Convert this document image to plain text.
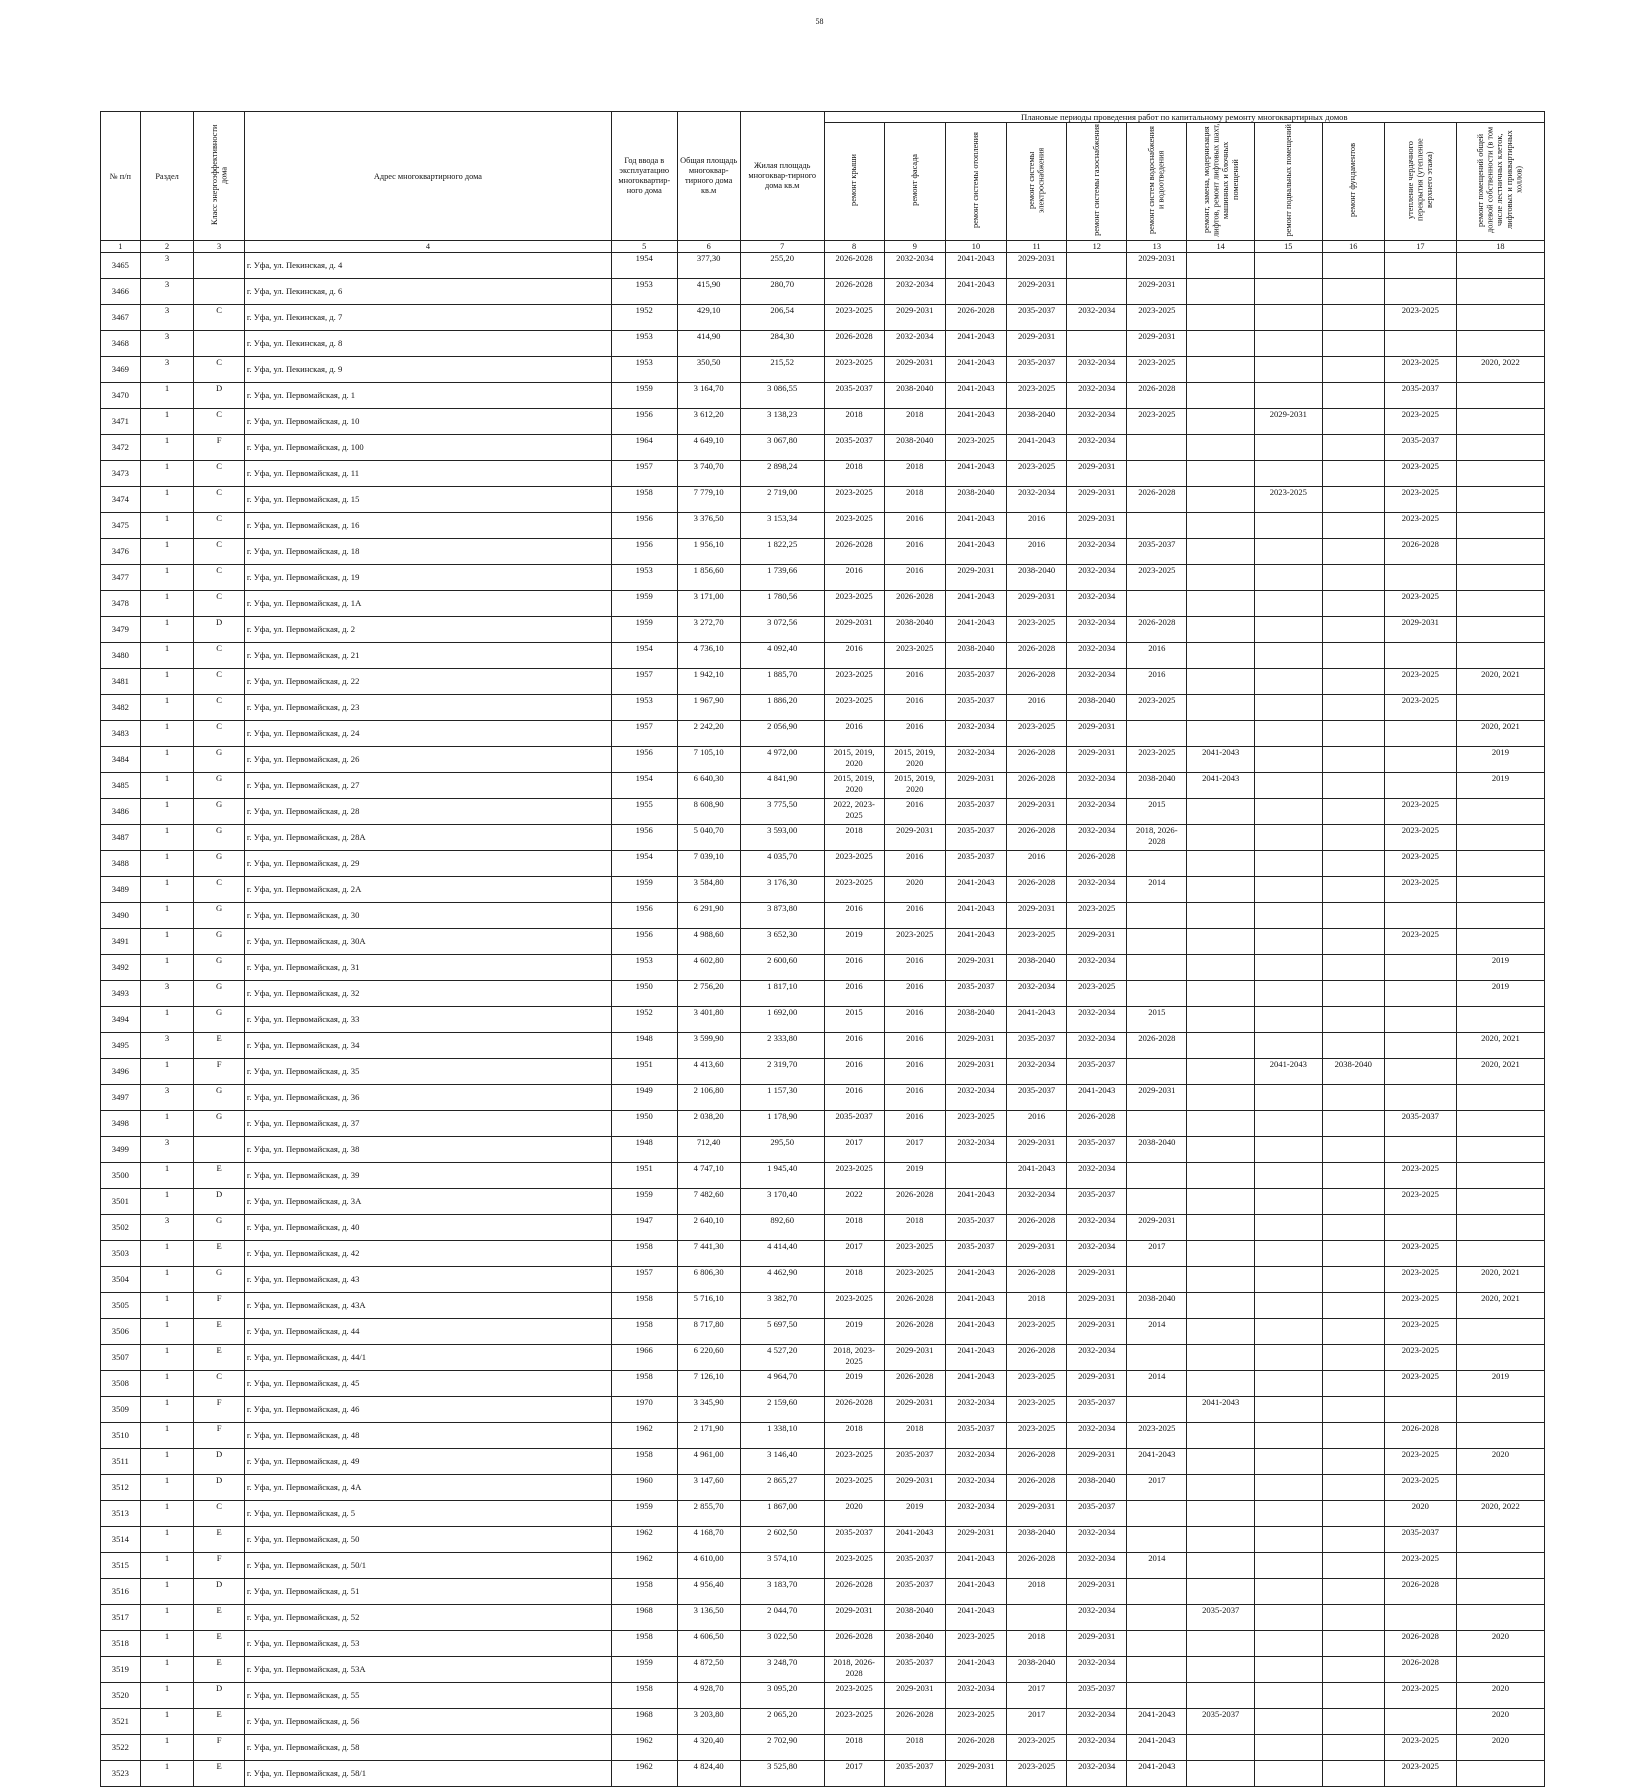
58
№ п/п	Раздел	Класс энергоэффективности дома	Адрес многоквартирного дома	Год ввода в эксплуатацию многоквартир-ного дома	Общая площадь многоквар-тирного дома кв.м	Жилая площадь многоквар-тирного дома кв.м	Плановые периоды проведения работ по капитальному ремонту многоквартирных домов										
							ремонт крыши	ремонт фасада	ремонт системы отопления	ремонт системы электроснабжения	ремонт системы газоснабжения	ремонт систем водоснабжения и водоотведения	ремонт, замена, модернизация лифтов, ремонт лифтовых шахт, машинных и блочных помещений	ремонт подвальных помещений	ремонт фундаментов	утепление чердачного перекрытия (утепление верхнего этажа)	ремонт помещений общей долевой собственности (в том числе лестничных клеток, лифтовых и приквартирных холлов)
1	2	3	4	5	6	7	8	9	10	11	12	13	14	15	16	17	18
3465	3		г. Уфа, ул. Пекинская, д. 4	1954	377,30	255,20	2026-2028	2032-2034	2041-2043	2029-2031		2029-2031					
3466	3		г. Уфа, ул. Пекинская, д. 6	1953	415,90	280,70	2026-2028	2032-2034	2041-2043	2029-2031		2029-2031					
3467	3	C	г. Уфа, ул. Пекинская, д. 7	1952	429,10	206,54	2023-2025	2029-2031	2026-2028	2035-2037	2032-2034	2023-2025				2023-2025	
3468	3		г. Уфа, ул. Пекинская, д. 8	1953	414,90	284,30	2026-2028	2032-2034	2041-2043	2029-2031		2029-2031					
3469	3	C	г. Уфа, ул. Пекинская, д. 9	1953	350,50	215,52	2023-2025	2029-2031	2041-2043	2035-2037	2032-2034	2023-2025				2023-2025	2020, 2022
3470	1	D	г. Уфа, ул. Первомайская, д. 1	1959	3 164,70	3 086,55	2035-2037	2038-2040	2041-2043	2023-2025	2032-2034	2026-2028				2035-2037	
3471	1	C	г. Уфа, ул. Первомайская, д. 10	1956	3 612,20	3 138,23	2018	2018	2041-2043	2038-2040	2032-2034	2023-2025		2029-2031		2023-2025	
3472	1	F	г. Уфа, ул. Первомайская, д. 100	1964	4 649,10	3 067,80	2035-2037	2038-2040	2023-2025	2041-2043	2032-2034					2035-2037	
3473	1	C	г. Уфа, ул. Первомайская, д. 11	1957	3 740,70	2 898,24	2018	2018	2041-2043	2023-2025	2029-2031					2023-2025	
3474	1	C	г. Уфа, ул. Первомайская, д. 15	1958	7 779,10	2 719,00	2023-2025	2018	2038-2040	2032-2034	2029-2031	2026-2028		2023-2025		2023-2025	
3475	1	C	г. Уфа, ул. Первомайская, д. 16	1956	3 376,50	3 153,34	2023-2025	2016	2041-2043	2016	2029-2031					2023-2025	
3476	1	C	г. Уфа, ул. Первомайская, д. 18	1956	1 956,10	1 822,25	2026-2028	2016	2041-2043	2016	2032-2034	2035-2037				2026-2028	
3477	1	C	г. Уфа, ул. Первомайская, д. 19	1953	1 856,60	1 739,66	2016	2016	2029-2031	2038-2040	2032-2034	2023-2025					
3478	1	C	г. Уфа, ул. Первомайская, д. 1А	1959	3 171,00	1 780,56	2023-2025	2026-2028	2041-2043	2029-2031	2032-2034					2023-2025	
3479	1	D	г. Уфа, ул. Первомайская, д. 2	1959	3 272,70	3 072,56	2029-2031	2038-2040	2041-2043	2023-2025	2032-2034	2026-2028				2029-2031	
3480	1	C	г. Уфа, ул. Первомайская, д. 21	1954	4 736,10	4 092,40	2016	2023-2025	2038-2040	2026-2028	2032-2034	2016					
3481	1	C	г. Уфа, ул. Первомайская, д. 22	1957	1 942,10	1 885,70	2023-2025	2016	2035-2037	2026-2028	2032-2034	2016				2023-2025	2020, 2021
3482	1	C	г. Уфа, ул. Первомайская, д. 23	1953	1 967,90	1 886,20	2023-2025	2016	2035-2037	2016	2038-2040	2023-2025				2023-2025	
3483	1	C	г. Уфа, ул. Первомайская, д. 24	1957	2 242,20	2 056,90	2016	2016	2032-2034	2023-2025	2029-2031						2020, 2021
3484	1	G	г. Уфа, ул. Первомайская, д. 26	1956	7 105,10	4 972,00	2015, 2019, 2020	2015, 2019, 2020	2032-2034	2026-2028	2029-2031	2023-2025	2041-2043				2019
3485	1	G	г. Уфа, ул. Первомайская, д. 27	1954	6 640,30	4 841,90	2015, 2019, 2020	2015, 2019, 2020	2029-2031	2026-2028	2032-2034	2038-2040	2041-2043				2019
3486	1	G	г. Уфа, ул. Первомайская, д. 28	1955	8 608,90	3 775,50	2022, 2023-2025	2016	2035-2037	2029-2031	2032-2034	2015				2023-2025	
3487	1	G	г. Уфа, ул. Первомайская, д. 28А	1956	5 040,70	3 593,00	2018	2029-2031	2035-2037	2026-2028	2032-2034	2018, 2026-2028				2023-2025	
3488	1	G	г. Уфа, ул. Первомайская, д. 29	1954	7 039,10	4 035,70	2023-2025	2016	2035-2037	2016	2026-2028					2023-2025	
3489	1	C	г. Уфа, ул. Первомайская, д. 2А	1959	3 584,80	3 176,30	2023-2025	2020	2041-2043	2026-2028	2032-2034	2014				2023-2025	
3490	1	G	г. Уфа, ул. Первомайская, д. 30	1956	6 291,90	3 873,80	2016	2016	2041-2043	2029-2031	2023-2025						
3491	1	G	г. Уфа, ул. Первомайская, д. 30А	1956	4 988,60	3 652,30	2019	2023-2025	2041-2043	2023-2025	2029-2031					2023-2025	
3492	1	G	г. Уфа, ул. Первомайская, д. 31	1953	4 602,80	2 600,60	2016	2016	2029-2031	2038-2040	2032-2034						2019
3493	3	G	г. Уфа, ул. Первомайская, д. 32	1950	2 756,20	1 817,10	2016	2016	2035-2037	2032-2034	2023-2025						2019
3494	1	G	г. Уфа, ул. Первомайская, д. 33	1952	3 401,80	1 692,00	2015	2016	2038-2040	2041-2043	2032-2034	2015					
3495	3	E	г. Уфа, ул. Первомайская, д. 34	1948	3 599,90	2 333,80	2016	2016	2029-2031	2035-2037	2032-2034	2026-2028					2020, 2021
3496	1	F	г. Уфа, ул. Первомайская, д. 35	1951	4 413,60	2 319,70	2016	2016	2029-2031	2032-2034	2035-2037			2041-2043	2038-2040		2020, 2021
3497	3	G	г. Уфа, ул. Первомайская, д. 36	1949	2 106,80	1 157,30	2016	2016	2032-2034	2035-2037	2041-2043	2029-2031					
3498	1	G	г. Уфа, ул. Первомайская, д. 37	1950	2 038,20	1 178,90	2035-2037	2016	2023-2025	2016	2026-2028					2035-2037	
3499	3		г. Уфа, ул. Первомайская, д. 38	1948	712,40	295,50	2017	2017	2032-2034	2029-2031	2035-2037	2038-2040					
3500	1	E	г. Уфа, ул. Первомайская, д. 39	1951	4 747,10	1 945,40	2023-2025	2019		2041-2043	2032-2034					2023-2025	
3501	1	D	г. Уфа, ул. Первомайская, д. 3А	1959	7 482,60	3 170,40	2022	2026-2028	2041-2043	2032-2034	2035-2037					2023-2025	
3502	3	G	г. Уфа, ул. Первомайская, д. 40	1947	2 640,10	892,60	2018	2018	2035-2037	2026-2028	2032-2034	2029-2031					
3503	1	E	г. Уфа, ул. Первомайская, д. 42	1958	7 441,30	4 414,40	2017	2023-2025	2035-2037	2029-2031	2032-2034	2017				2023-2025	
3504	1	G	г. Уфа, ул. Первомайская, д. 43	1957	6 806,30	4 462,90	2018	2023-2025	2041-2043	2026-2028	2029-2031					2023-2025	2020, 2021
3505	1	F	г. Уфа, ул. Первомайская, д. 43А	1958	5 716,10	3 382,70	2023-2025	2026-2028	2041-2043	2018	2029-2031	2038-2040				2023-2025	2020, 2021
3506	1	E	г. Уфа, ул. Первомайская, д. 44	1958	8 717,80	5 697,50	2019	2026-2028	2041-2043	2023-2025	2029-2031	2014				2023-2025	
3507	1	E	г. Уфа, ул. Первомайская, д. 44/1	1966	6 220,60	4 527,20	2018, 2023-2025	2029-2031	2041-2043	2026-2028	2032-2034					2023-2025	
3508	1	C	г. Уфа, ул. Первомайская, д. 45	1958	7 126,10	4 964,70	2019	2026-2028	2041-2043	2023-2025	2029-2031	2014				2023-2025	2019
3509	1	F	г. Уфа, ул. Первомайская, д. 46	1970	3 345,90	2 159,60	2026-2028	2029-2031	2032-2034	2023-2025	2035-2037		2041-2043				
3510	1	F	г. Уфа, ул. Первомайская, д. 48	1962	2 171,90	1 338,10	2018	2018	2035-2037	2023-2025	2032-2034	2023-2025				2026-2028	
3511	1	D	г. Уфа, ул. Первомайская, д. 49	1958	4 961,00	3 146,40	2023-2025	2035-2037	2032-2034	2026-2028	2029-2031	2041-2043				2023-2025	2020
3512	1	D	г. Уфа, ул. Первомайская, д. 4А	1960	3 147,60	2 865,27	2023-2025	2029-2031	2032-2034	2026-2028	2038-2040	2017				2023-2025	
3513	1	C	г. Уфа, ул. Первомайская, д. 5	1959	2 855,70	1 867,00	2020	2019	2032-2034	2029-2031	2035-2037					2020	2020, 2022
3514	1	E	г. Уфа, ул. Первомайская, д. 50	1962	4 168,70	2 602,50	2035-2037	2041-2043	2029-2031	2038-2040	2032-2034					2035-2037	
3515	1	F	г. Уфа, ул. Первомайская, д. 50/1	1962	4 610,00	3 574,10	2023-2025	2035-2037	2041-2043	2026-2028	2032-2034	2014				2023-2025	
3516	1	D	г. Уфа, ул. Первомайская, д. 51	1958	4 956,40	3 183,70	2026-2028	2035-2037	2041-2043	2018	2029-2031					2026-2028	
3517	1	E	г. Уфа, ул. Первомайская, д. 52	1968	3 136,50	2 044,70	2029-2031	2038-2040	2041-2043		2032-2034		2035-2037				
3518	1	E	г. Уфа, ул. Первомайская, д. 53	1958	4 606,50	3 022,50	2026-2028	2038-2040	2023-2025	2018	2029-2031					2026-2028	2020
3519	1	E	г. Уфа, ул. Первомайская, д. 53А	1959	4 872,50	3 248,70	2018, 2026-2028	2035-2037	2041-2043	2038-2040	2032-2034					2026-2028	
3520	1	D	г. Уфа, ул. Первомайская, д. 55	1958	4 928,70	3 095,20	2023-2025	2029-2031	2032-2034	2017	2035-2037					2023-2025	2020
3521	1	E	г. Уфа, ул. Первомайская, д. 56	1968	3 203,80	2 065,20	2023-2025	2026-2028	2023-2025	2017	2032-2034	2041-2043	2035-2037				2020
3522	1	F	г. Уфа, ул. Первомайская, д. 58	1962	4 320,40	2 702,90	2018	2018	2026-2028	2023-2025	2032-2034	2041-2043				2023-2025	2020
3523	1	E	г. Уфа, ул. Первомайская, д. 58/1	1962	4 824,40	3 525,80	2017	2035-2037	2029-2031	2023-2025	2032-2034	2041-2043				2023-2025	
